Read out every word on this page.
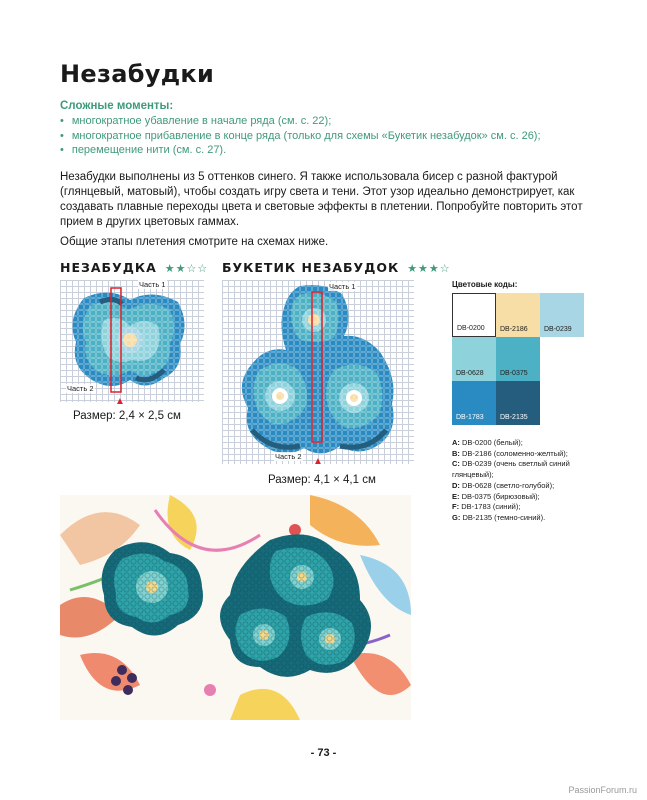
Незабудки

Сложные моменты:

• многократное убавление в начале ряда (см. с. 22);
• многократное прибавление в конце ряда (только для схемы «Букетик незабудок» см. с. 26);
• перемещение нити (см. с. 27).

Незабудки выполнены из 5 оттенков синего. Я также использовала бисер с разной фактурой (глянцевый, матовый), чтобы создать игру света и тени. Этот узор идеально демонстрирует, как создавать плавные переходы цвета и световые эффекты в плетении. Попробуйте повторить этот прием в других цветовых гаммах.

Общие этапы плетения смотрите на схемах ниже.

НЕЗАБУДКА ★★☆☆
Часть 1
Часть 2
▲
Размер: 2,4 × 2,5 см
БУКЕТИК НЕЗАБУДОК ★★★☆
Часть 1
Часть 2 ▲
Размер: 4,1 × 4,1 см

Цветовые коды:

DB-0200	DB-2186	DB-0239
DB-0628	DB-0375
DB-1783	DB-2135
A: DB-0200 (белый);
B: DB-2186 (соломенно-желтый);
C: DB-0239 (очень светлый синий глянцевый);
D: DB-0628 (светло-голубой);
E: DB-0375 (бирюзовый);
F: DB-1783 (синий);
G: DB-2135 (темно-синий).
- 73 -
PassionForum.ru
